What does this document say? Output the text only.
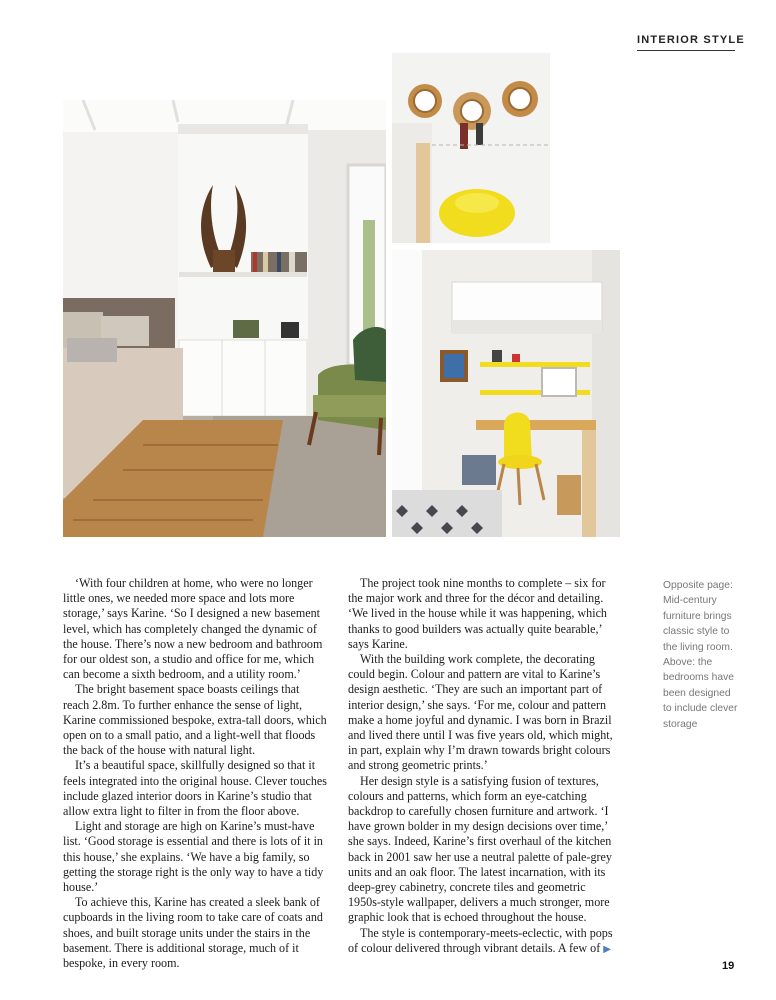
INTERIOR STYLE

‘With four children at home, who were no longer little ones, we needed more space and lots more storage,’ says Karine. ‘So I designed a new basement level, which has completely changed the dynamic of the house. There’s now a new bedroom and bathroom for our oldest son, a studio and office for me, which can become a sixth bedroom, and a utility room.’

The bright basement space boasts ceilings that reach 2.8m. To further enhance the sense of light, Karine commissioned bespoke, extra-tall doors, which open on to a small patio, and a light-well that floods the back of the house with natural light.

It’s a beautiful space, skillfully designed so that it feels integrated into the original house. Clever touches include glazed interior doors in Karine’s studio that allow extra light to filter in from the floor above.

Light and storage are high on Karine’s must-have list. ‘Good storage is essential and there is lots of it in this house,’ she explains. ‘We have a big family, so getting the storage right is the only way to have a tidy house.’

To achieve this, Karine has created a sleek bank of cupboards in the living room to take care of coats and shoes, and built storage units under the stairs in the basement. There is additional storage, much of it bespoke, in every room.

The project took nine months to complete – six for the major work and three for the décor and detailing. ‘We lived in the house while it was happening, which thanks to good builders was actually quite bearable,’ says Karine.

With the building work complete, the decorating could begin. Colour and pattern are vital to Karine’s design aesthetic. ‘They are such an important part of interior design,’ she says. ‘For me, colour and pattern make a home joyful and dynamic. I was born in Brazil and lived there until I was five years old, which might, in part, explain why I’m drawn towards bright colours and strong geometric prints.’

Her design style is a satisfying fusion of textures, colours and patterns, which form an eye-catching backdrop to carefully chosen furniture and artwork. ‘I have grown bolder in my design decisions over time,’ she says. Indeed, Karine’s first overhaul of the kitchen back in 2001 saw her use a neutral palette of pale-grey units and an oak floor. The latest incarnation, with its deep-grey cabinetry, concrete tiles and geometric 1950s-style wallpaper, delivers a much stronger, more graphic look that is echoed throughout the house.

The style is contemporary-meets-eclectic, with pops of colour delivered through vibrant details. A few of ▶

Opposite page: Mid-century furniture brings classic style to the living room. Above: the bedrooms have been designed to include clever storage
19
